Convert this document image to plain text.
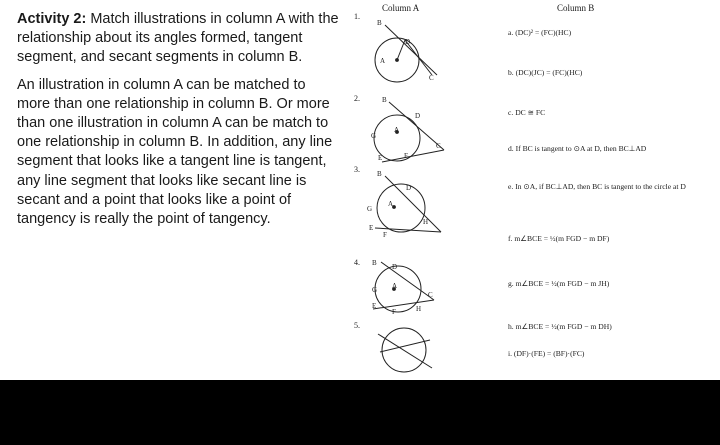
Activity 2: Match illustrations in column A with the relationship about its angles formed, tangent segment, and secant segments in column B.

An illustration in column A can be matched to more than one relationship in column B. Or more than one illustration in column A can be match to one relationship in column B. In addition, any line segment that looks like a tangent line is tangent, any line segment that looks like secant line is secant and a point that looks like a point of tangency is really the point of tangency.

Column A	Column B
1.
2.
3.
4.
5.
B
D
A
C
B
D
G
A
C
E	F
B
D
G
A
H
E
F
B D
G A
C
E
F	H
a. (DC)² = (FC)(HC)
b. (DC)(JC) = (FC)(HC)
c. DC ≅ FC
d. If BC is tangent to ⊙A at D, then BC⊥AD
e. In ⊙A, if BC⊥AD, then BC is tangent to the circle at D
f. m∠BCE = ½(m FGD − m DF)
g. m∠BCE = ½(m FGD − m JH)
h. m∠BCE = ½(m FGD − m DH)
i. (DF)·(FE) = (BF)·(FC)
